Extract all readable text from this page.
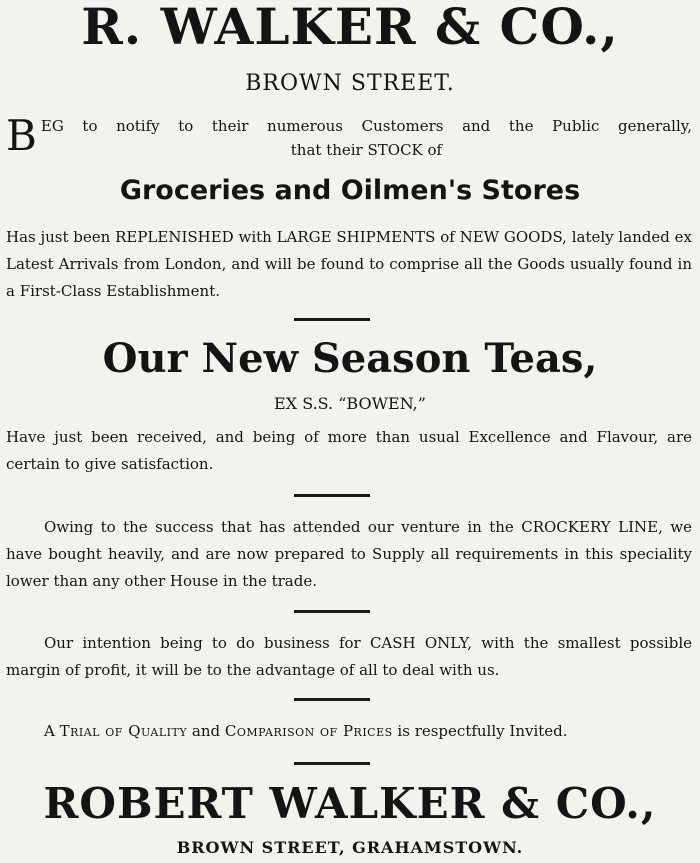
R. WALKER & CO.,
BROWN STREET.
B EG to notify to their numerous Customers and the Public generally,
that their STOCK of
Groceries and Oilmen's Stores

Has just been REPLENISHED with LARGE SHIPMENTS of NEW GOODS, lately landed ex Latest Arrivals from London, and will be found to comprise all the Goods usually found in a First-Class Establishment.

Our New Season Teas,
EX S.S. “BOWEN,”

Have just been received, and being of more than usual Excellence and Flavour, are certain to give satisfaction.

Owing to the success that has attended our venture in the CROCKERY LINE, we have bought heavily, and are now prepared to Supply all requirements in this speciality lower than any other House in the trade.

Our intention being to do business for CASH ONLY, with the smallest possible margin of profit, it will be to the advantage of all to deal with us.

A Trial of Quality and Comparison of Prices is respectfully Invited.

ROBERT WALKER & CO.,
BROWN STREET, GRAHAMSTOWN.
